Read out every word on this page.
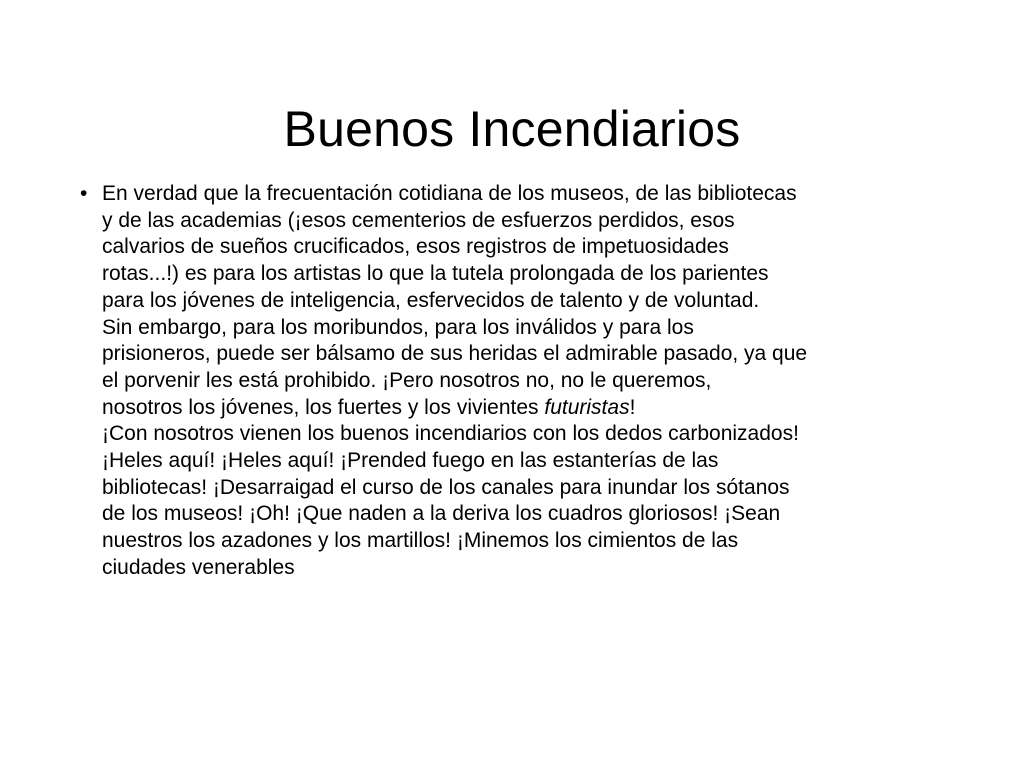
Buenos Incendiarios
• En verdad que la frecuentación cotidiana de los museos, de las bibliotecas
y de las academias (¡esos cementerios de esfuerzos perdidos, esos
calvarios de sueños crucificados, esos registros de impetuosidades
rotas...!) es para los artistas lo que la tutela prolongada de los parientes
para los jóvenes de inteligencia, esfervecidos de talento y de voluntad.
Sin embargo, para los moribundos, para los inválidos y para los
prisioneros, puede ser bálsamo de sus heridas el admirable pasado, ya que
el porvenir les está prohibido. ¡Pero nosotros no, no le queremos,
nosotros los jóvenes, los fuertes y los vivientes futuristas!
¡Con nosotros vienen los buenos incendiarios con los dedos carbonizados!
¡Heles aquí! ¡Heles aquí! ¡Prended fuego en las estanterías de las
bibliotecas! ¡Desarraigad el curso de los canales para inundar los sótanos
de los museos! ¡Oh! ¡Que naden a la deriva los cuadros gloriosos! ¡Sean
nuestros los azadones y los martillos! ¡Minemos los cimientos de las
ciudades venerables
